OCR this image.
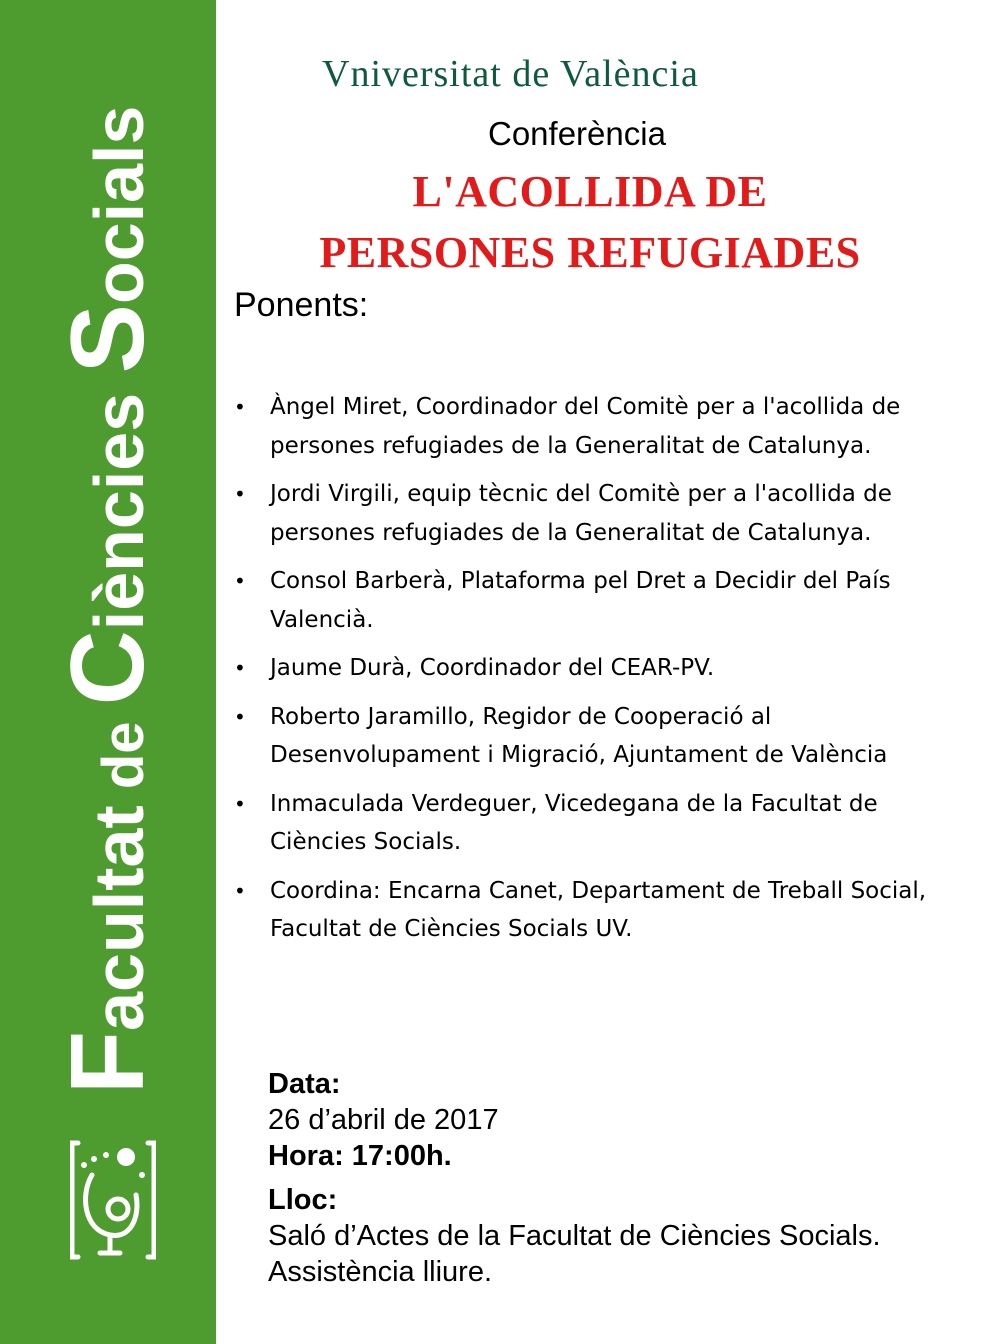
Facultat de Ciències Socials
Vniversitat de València
Conferència
L'ACOLLIDA DE
PERSONES REFUGIADES
Ponents:
• Àngel Miret, Coordinador del Comitè per a l'acollida de persones refugiades de la Generalitat de Catalunya.
• Jordi Virgili, equip tècnic del Comitè per a l'acollida de persones refugiades de la Generalitat de Catalunya.
• Consol Barberà, Plataforma pel Dret a Decidir del País Valencià.
• Jaume Durà, Coordinador del CEAR-PV.
• Roberto Jaramillo, Regidor de Cooperació al Desenvolupament i Migració, Ajuntament de València
• Inmaculada Verdeguer, Vicedegana de la Facultat de Ciències Socials.
• Coordina: Encarna Canet, Departament de Treball Social, Facultat de Ciències Socials UV.
Data:
26 d’abril de 2017
Hora: 17:00h.
Lloc:
Saló d’Actes de la Facultat de Ciències Socials. Assistència lliure.
